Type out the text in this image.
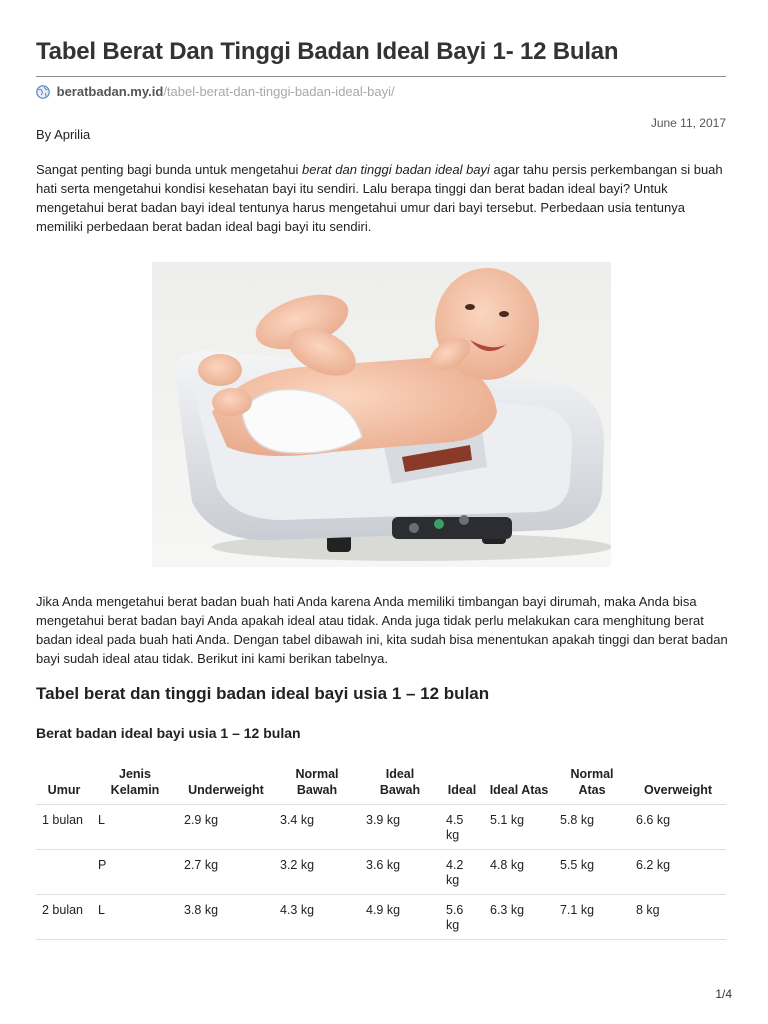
Tabel Berat Dan Tinggi Badan Ideal Bayi 1- 12 Bulan
beratbadan.my.id/tabel-berat-dan-tinggi-badan-ideal-bayi/
June 11, 2017
By Aprilia

Sangat penting bagi bunda untuk mengetahui berat dan tinggi badan ideal bayi agar tahu persis perkembangan si buah hati serta mengetahui kondisi kesehatan bayi itu sendiri. Lalu berapa tinggi dan berat badan ideal bayi? Untuk mengetahui berat badan bayi ideal tentunya harus mengetahui umur dari bayi tersebut. Perbedaan usia tentunya memiliki perbedaan berat badan ideal bagi bayi itu sendiri.

Jika Anda mengetahui berat badan buah hati Anda karena Anda memiliki timbangan bayi dirumah, maka Anda bisa mengetahui berat badan bayi Anda apakah ideal atau tidak. Anda juga tidak perlu melakukan cara menghitung berat badan ideal pada buah hati Anda. Dengan tabel dibawah ini, kita sudah bisa menentukan apakah tinggi dan berat badan bayi sudah ideal atau tidak. Berikut ini kami berikan tabelnya.

Tabel berat dan tinggi badan ideal bayi usia 1 – 12 bulan
Berat badan ideal bayi usia 1 – 12 bulan
Umur	Jenis Kelamin	Underweight	Normal Bawah	Ideal Bawah	Ideal	Ideal Atas	Normal Atas	Overweight
1 bulan	L	2.9 kg	3.4 kg	3.9 kg	4.5 kg	5.1 kg	5.8 kg	6.6 kg
	P	2.7 kg	3.2 kg	3.6 kg	4.2 kg	4.8 kg	5.5 kg	6.2 kg
2 bulan	L	3.8 kg	4.3 kg	4.9 kg	5.6 kg	6.3 kg	7.1 kg	8 kg
1/4
